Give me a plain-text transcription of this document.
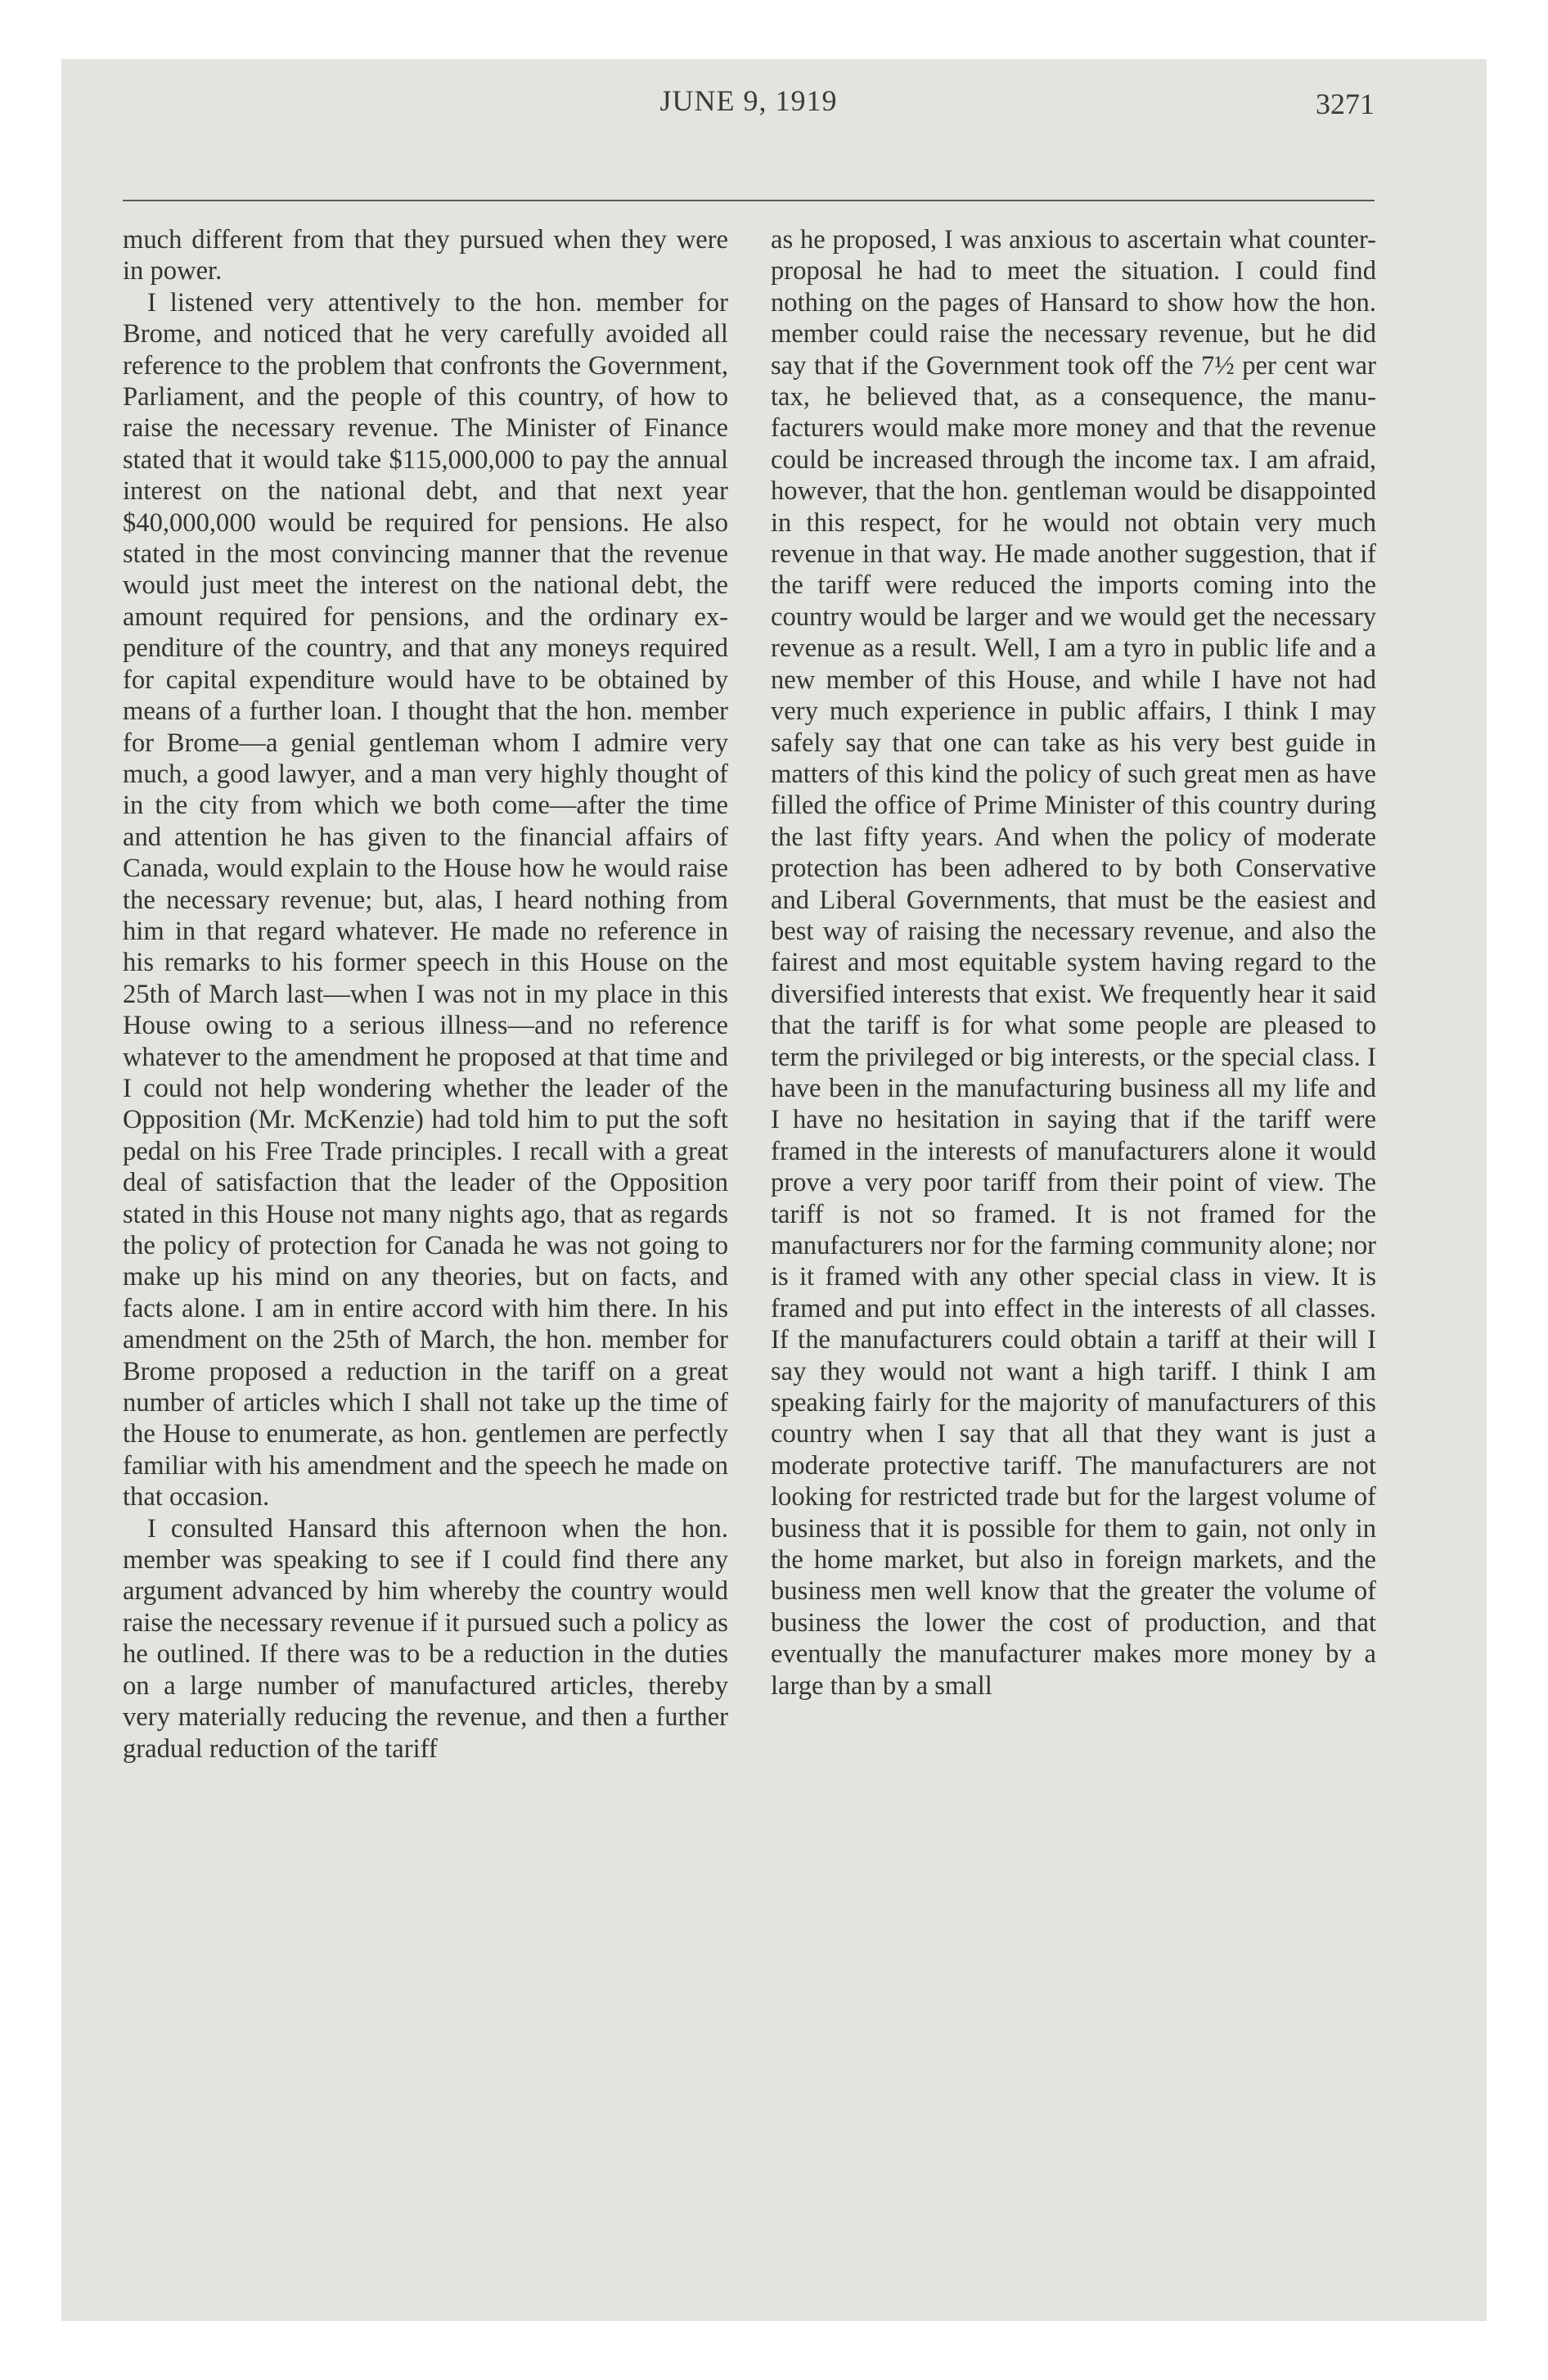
JUNE 9, 1919	3271

much different from that they pursued when they were in power.

I listened very attentively to the hon. member for Brome, and noticed that he very carefully avoided all reference to the problem that confronts the Government, Parliament, and the people of this country, of how to raise the necessary revenue. The Minister of Finance stated that it would take $115,000,000 to pay the annual interest on the national debt, and that next year $40,000,000 would be required for pensions. He also stated in the most convincing manner that the revenue would just meet the interest on the national debt, the amount required for pensions, and the ordinary expenditure of the country, and that any moneys required for capital expenditure would have to be obtained by means of a further loan. I thought that the hon. member for Brome—a genial gentleman whom I admire very much, a good lawyer, and a man very highly thought of in the city from which we both come—after the time and attention he has given to the financial affairs of Canada, would explain to the House how he would raise the necessary revenue; but, alas, I heard nothing from him in that regard whatever. He made no reference in his remarks to his former speech in this House on the 25th of March last—when I was not in my place in this House owing to a serious illness—and no reference whatever to the amendment he proposed at that time and I could not help wondering whether the leader of the Opposition (Mr. McKenzie) had told him to put the soft pedal on his Free Trade principles. I recall with a great deal of satisfaction that the leader of the Opposition stated in this House not many nights ago, that as regards the policy of protection for Canada he was not going to make up his mind on any theories, but on facts, and facts alone. I am in entire accord with him there. In his amendment on the 25th of March, the hon. member for Brome proposed a reduction in the tariff on a great number of articles which I shall not take up the time of the House to enumerate, as hon. gentlemen are perfectly familiar with his amendment and the speech he made on that occasion.

I consulted Hansard this afternoon when the hon. member was speaking to see if I could find there any argument advanced by him whereby the country would raise the necessary revenue if it pursued such a policy as he outlined. If there was to be a reduction in the duties on a large number of manufactured articles, thereby very materially reducing the revenue, and then a further gradual reduction of the tariff

as he proposed, I was anxious to ascertain what counter-proposal he had to meet the situation. I could find nothing on the pages of Hansard to show how the hon. member could raise the necessary revenue, but he did say that if the Government took off the 7½ per cent war tax, he believed that, as a consequence, the manufacturers would make more money and that the revenue could be increased through the income tax. I am afraid, however, that the hon. gentleman would be disappointed in this respect, for he would not obtain very much revenue in that way. He made another suggestion, that if the tariff were reduced the imports coming into the country would be larger and we would get the necessary revenue as a result. Well, I am a tyro in public life and a new member of this House, and while I have not had very much experience in public affairs, I think I may safely say that one can take as his very best guide in matters of this kind the policy of such great men as have filled the office of Prime Minister of this country during the last fifty years. And when the policy of moderate protection has been adhered to by both Conservative and Liberal Governments, that must be the easiest and best way of raising the necessary revenue, and also the fairest and most equitable system having regard to the diversified interests that exist. We frequently hear it said that the tariff is for what some people are pleased to term the privileged or big interests, or the special class. I have been in the manufacturing business all my life and I have no hesitation in saying that if the tariff were framed in the interests of manufacturers alone it would prove a very poor tariff from their point of view. The tariff is not so framed. It is not framed for the manufacturers nor for the farming community alone; nor is it framed with any other special class in view. It is framed and put into effect in the interests of all classes. If the manufacturers could obtain a tariff at their will I say they would not want a high tariff. I think I am speaking fairly for the majority of manufacturers of this country when I say that all that they want is just a moderate protective tariff. The manufacturers are not looking for restricted trade but for the largest volume of business that it is possible for them to gain, not only in the home market, but also in foreign markets, and the business men well know that the greater the volume of business the lower the cost of production, and that eventually the manufacturer makes more money by a large than by a small
